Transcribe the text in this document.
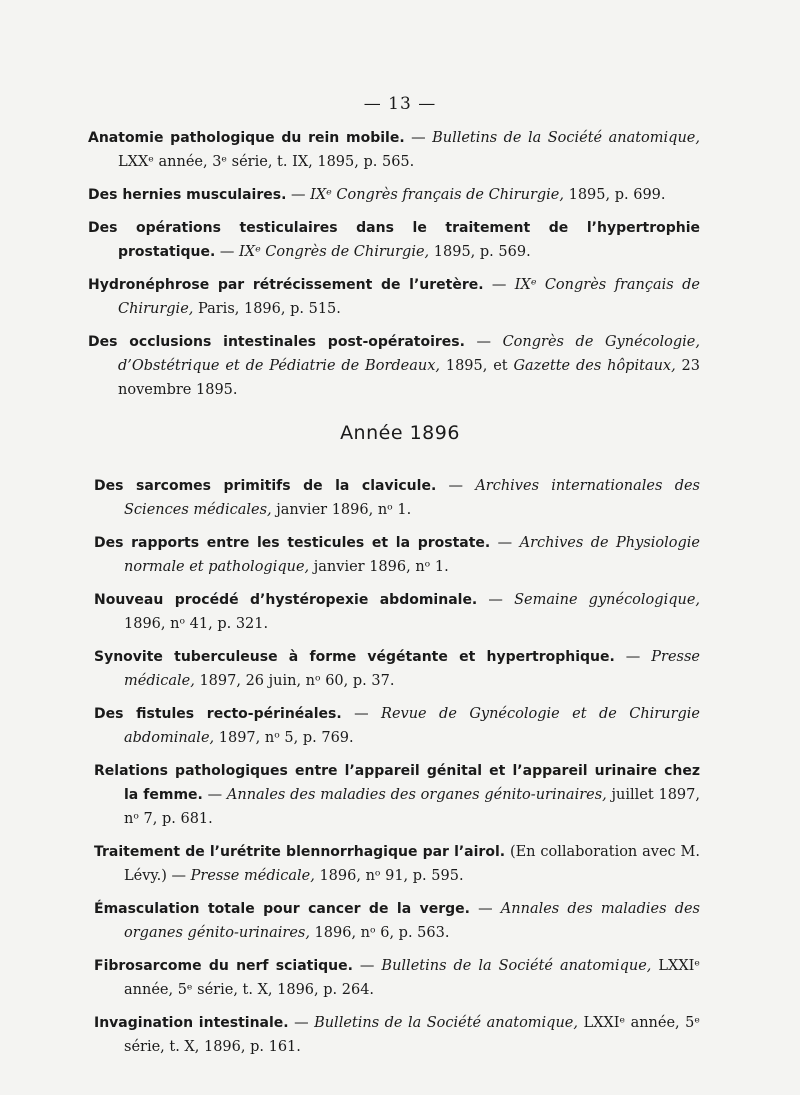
— 13 —

Anatomie pathologique du rein mobile. — Bulletins de la Société anatomique, LXXᵉ année, 3ᵉ série, t. IX, 1895, p. 565.

Des hernies musculaires. — IXᵉ Congrès français de Chirurgie, 1895, p. 699.

Des opérations testiculaires dans le traitement de l’hypertrophie prostatique. — IXᵉ Congrès de Chirurgie, 1895, p. 569.

Hydronéphrose par rétrécissement de l’uretère. — IXᵉ Congrès français de Chirurgie, Paris, 1896, p. 515.

Des occlusions intestinales post-opératoires. — Congrès de Gynécologie, d’Obstétrique et de Pédiatrie de Bordeaux, 1895, et Gazette des hôpitaux, 23 novembre 1895.

Année 1896

Des sarcomes primitifs de la clavicule. — Archives internationales des Sciences médicales, janvier 1896, nᵒ 1.

Des rapports entre les testicules et la prostate. — Archives de Physiologie normale et pathologique, janvier 1896, nᵒ 1.

Nouveau procédé d’hystéropexie abdominale. — Semaine gynécologique, 1896, nᵒ 41, p. 321.

Synovite tuberculeuse à forme végétante et hypertrophique. — Presse médicale, 1897, 26 juin, nᵒ 60, p. 37.

Des fistules recto-périnéales. — Revue de Gynécologie et de Chirurgie abdominale, 1897, nᵒ 5, p. 769.

Relations pathologiques entre l’appareil génital et l’appareil urinaire chez la femme. — Annales des maladies des organes génito-urinaires, juillet 1897, nᵒ 7, p. 681.

Traitement de l’urétrite blennorrhagique par l’airol. (En collaboration avec M. Lévy.) — Presse médicale, 1896, nᵒ 91, p. 595.

Émasculation totale pour cancer de la verge. — Annales des maladies des organes génito-urinaires, 1896, nᵒ 6, p. 563.

Fibrosarcome du nerf sciatique. — Bulletins de la Société anatomique, LXXIᵉ année, 5ᵉ série, t. X, 1896, p. 264.

Invagination intestinale. — Bulletins de la Société anatomique, LXXIᵉ année, 5ᵉ série, t. X, 1896, p. 161.
